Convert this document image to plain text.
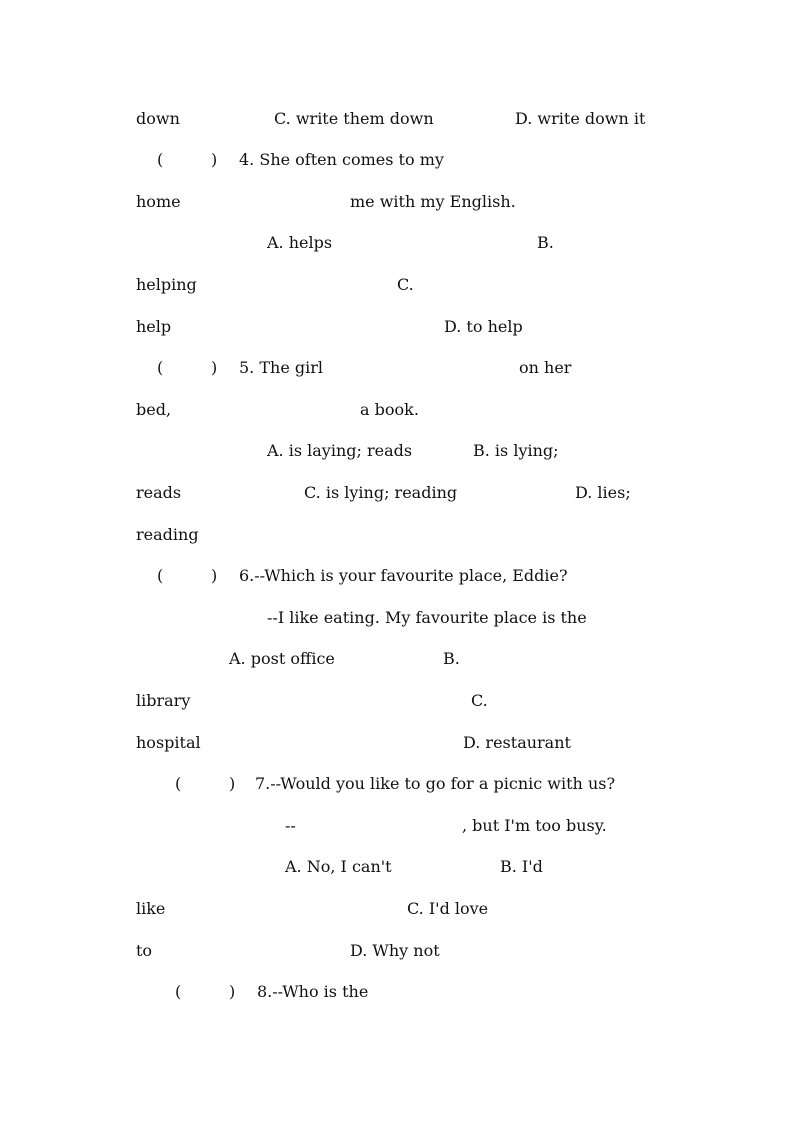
down	C. write them down	D. write down it
(	) 4. She often comes to my
home	me with my English.
A. helps	B.
helping	C.
help	D. to help
(	) 5. The girl	on her
bed,	a book.
A. is laying; reads	B. is lying;
reads	C. is lying; reading	D. lies;
reading
(	) 6.--Which is your favourite place, Eddie?
--I like eating. My favourite place is the
A. post office	B.
library	C.
hospital	D. restaurant
(	) 7.--Would you like to go for a picnic with us?
--	, but I'm too busy.
A. No, I can't	B. I'd
like	C. I'd love
to	D. Why not
(	) 8.--Who is the
